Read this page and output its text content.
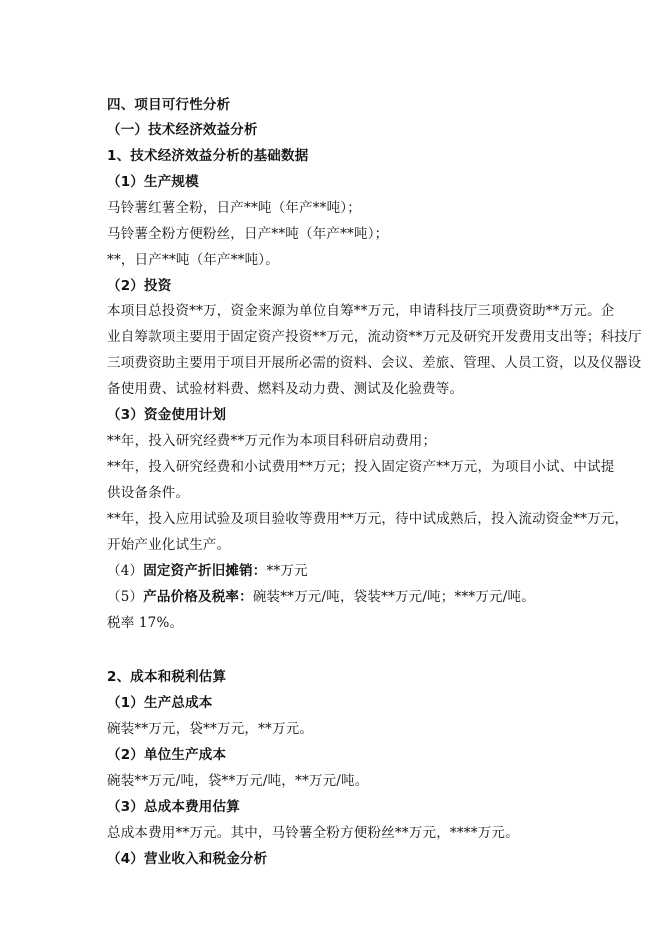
四、项目可行性分析
（一）技术经济效益分析
1、技术经济效益分析的基础数据
（1）生产规模
马铃薯红薯全粉，日产**吨（年产**吨）；
马铃薯全粉方便粉丝，日产**吨（年产**吨）；
**，日产**吨（年产**吨）。
（2）投资
本项目总投资**万，资金来源为单位自筹**万元，申请科技厅三项费资助**万元。企
业自筹款项主要用于固定资产投资**万元，流动资**万元及研究开发费用支出等；科技厅
三项费资助主要用于项目开展所必需的资料、会议、差旅、管理、人员工资，以及仪器设
备使用费、试验材料费、燃料及动力费、测试及化验费等。
（3）资金使用计划
**年，投入研究经费**万元作为本项目科研启动费用；
**年，投入研究经费和小试费用**万元；投入固定资产**万元，为项目小试、中试提
供设备条件。
**年，投入应用试验及项目验收等费用**万元，待中试成熟后，投入流动资金**万元，
开始产业化试生产。
（4）固定资产折旧摊销：**万元
（5）产品价格及税率：碗装**万元/吨，袋装**万元/吨；***万元/吨。
税率 17%。
2、成本和税利估算
（1）生产总成本
碗装**万元，袋**万元，**万元。
（2）单位生产成本
碗装**万元/吨，袋**万元/吨，**万元/吨。
（3）总成本费用估算
总成本费用**万元。其中，马铃薯全粉方便粉丝**万元，****万元。
（4）营业收入和税金分析
